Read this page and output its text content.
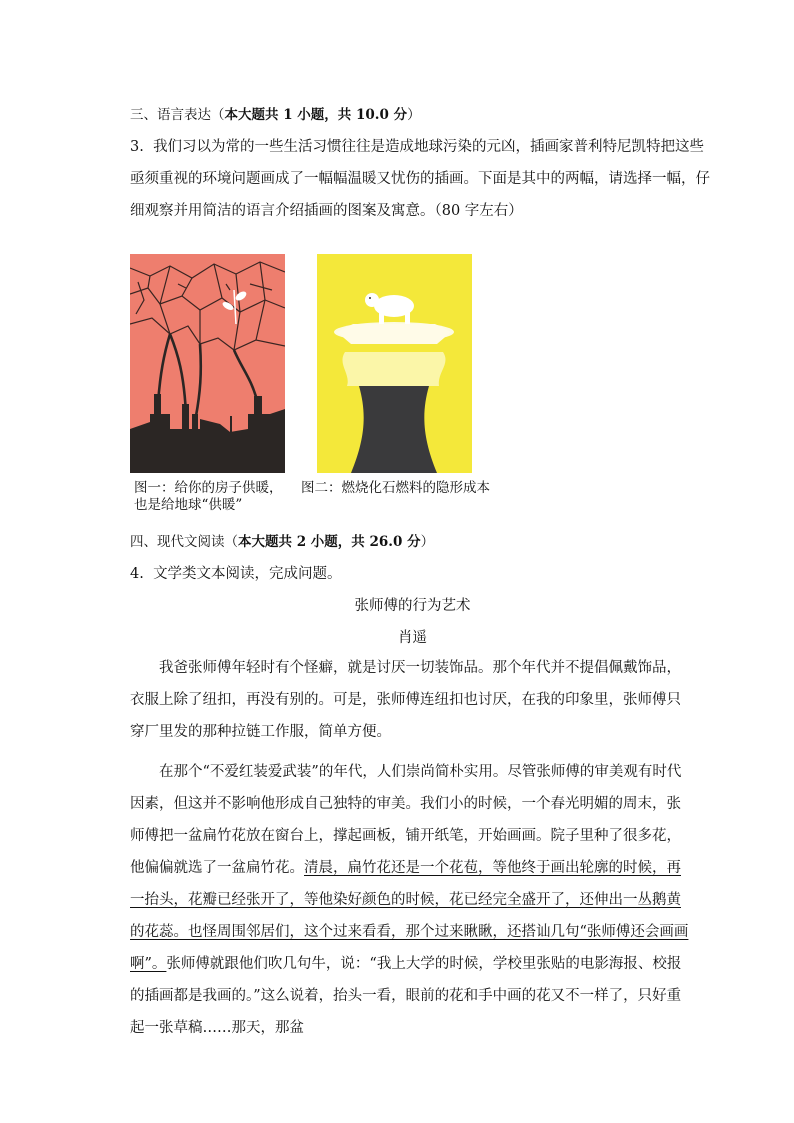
三、语言表达（本大题共 1 小题，共 10.0 分）
3. 我们习以为常的一些生活习惯往往是造成地球污染的元凶，插画家普利特尼凯特把这些
亟须重视的环境问题画成了一幅幅温暖又忧伤的插画。下面是其中的两幅，请选择一幅，仔
细观察并用简洁的语言介绍插画的图案及寓意。（80 字左右）
图一：给你的房子供暖，
也是给地球“供暖”
图二：燃烧化石燃料的隐形成本
四、现代文阅读（本大题共 2 小题，共 26.0 分）
4. 文学类文本阅读，完成问题。
张师傅的行为艺术
肖遥
我爸张师傅年轻时有个怪癖，就是讨厌一切装饰品。那个年代并不提倡佩戴饰品，衣服上除了纽扣，再没有别的。可是，张师傅连纽扣也讨厌，在我的印象里，张师傅只穿厂里发的那种拉链工作服，简单方便。
在那个“不爱红装爱武装”的年代，人们崇尚简朴实用。尽管张师傅的审美观有时代因素，但这并不影响他形成自己独特的审美。我们小的时候，一个春光明媚的周末，张师傅把一盆扁竹花放在窗台上，撑起画板，铺开纸笔，开始画画。院子里种了很多花，他偏偏就选了一盆扁竹花。清晨，扁竹花还是一个花苞，等他终于画出轮廓的时候，再一抬头，花瓣已经张开了，等他染好颜色的时候，花已经完全盛开了，还伸出一丛鹅黄的花蕊。也怪周围邻居们，这个过来看看，那个过来瞅瞅，还搭讪几句“张师傅还会画画啊”。张师傅就跟他们吹几句牛，说：“我上大学的时候，学校里张贴的电影海报、校报的插画都是我画的。”这么说着，抬头一看，眼前的花和手中画的花又不一样了，只好重起一张草稿……那天，那盆
